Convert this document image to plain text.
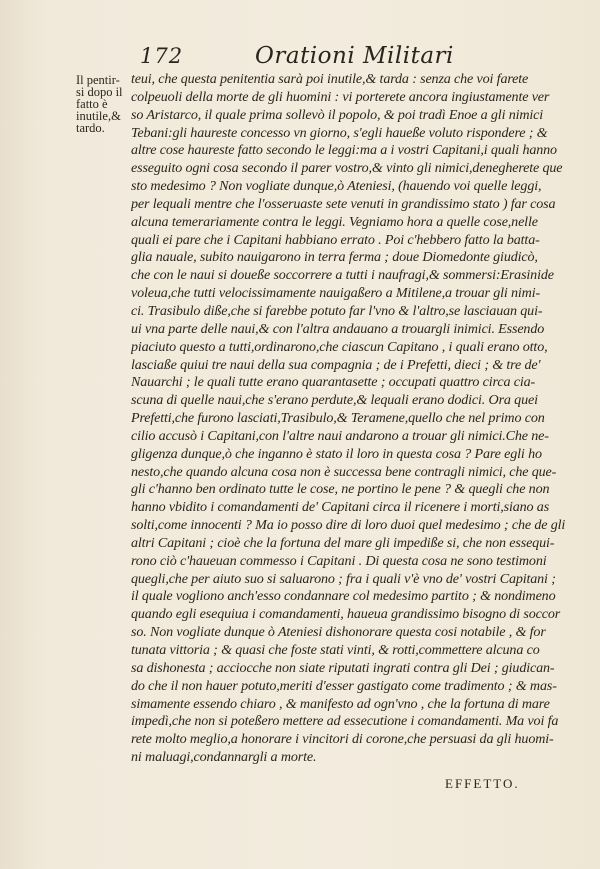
172	Orationi Militari
Il pentir-
si dopo il
fatto è
inutile,&
tardo.
teui, che questa penitentia sarà poi inutile,& tarda : senza che voi farete
colpeuoli della morte de gli huomini : vi porterete ancora ingiustamente ver
so Aristarco, il quale prima sollevò il popolo, & poi tradì Enoe a gli nimici
Tebani:gli haureste concesso vn giorno, s'egli haueße voluto rispondere ; &
altre cose haureste fatto secondo le leggi:ma a i vostri Capitani,i quali hanno
esseguito ogni cosa secondo il parer vostro,& vinto gli nimici,denegherete que
sto medesimo ? Non vogliate dunque,ò Ateniesi, (hauendo voi quelle leggi,
per lequali mentre che l'osseruaste sete venuti in grandissimo stato ) far cosa
alcuna temerariamente contra le leggi. Vegniamo hora a quelle cose,nelle
quali ei pare che i Capitani habbiano errato . Poi c'hebbero fatto la batta-
glia nauale, subito nauigarono in terra ferma ; doue Diomedonte giudicò,
che con le naui si doueße soccorrere a tutti i naufragi,& sommersi:Erasinide
voleua,che tutti velocissimamente nauigaßero a Mitilene,a trouar gli nimi-
ci. Trasibulo diße,che si farebbe potuto far l'vno & l'altro,se lasciauan qui-
ui vna parte delle naui,& con l'altra andauano a trouargli inimici. Essendo
piaciuto questo a tutti,ordinarono,che ciascun Capitano , i quali erano otto,
lasciaße quiui tre naui della sua compagnia ; de i Prefetti, dieci ; & tre de'
Nauarchi ; le quali tutte erano quarantasette ; occupati quattro circa cia-
scuna di quelle naui,che s'erano perdute,& lequali erano dodici. Ora quei
Prefetti,che furono lasciati,Trasibulo,& Teramene,quello che nel primo con
cilio accusò i Capitani,con l'altre naui andarono a trouar gli nimici.Che ne-
gligenza dunque,ò che inganno è stato il loro in questa cosa ? Pare egli ho
nesto,che quando alcuna cosa non è successa bene contragli nimici, che que-
gli c'hanno ben ordinato tutte le cose, ne portino le pene ? & quegli che non
hanno vbidito i comandamenti de' Capitani circa il ricenere i morti,siano as
solti,come innocenti ? Ma io posso dire di loro duoi quel medesimo ; che de gli
altri Capitani ; cioè che la fortuna del mare gli impediße si, che non essequi-
rono ciò c'haueuan commesso i Capitani . Di questa cosa ne sono testimoni
quegli,che per aiuto suo si saluarono ; fra i quali v'è vno de' vostri Capitani ;
il quale vogliono anch'esso condannare col medesimo partito ; & nondimeno
quando egli esequiua i comandamenti, haueua grandissimo bisogno di soccor
so. Non vogliate dunque ò Ateniesi dishonorare questa cosi notabile , & for
tunata vittoria ; & quasi che foste stati vinti, & rotti,commettere alcuna co
sa dishonesta ; acciocche non siate riputati ingrati contra gli Dei ; giudican-
do che il non hauer potuto,meriti d'esser gastigato come tradimento ; & mas-
simamente essendo chiaro , & manifesto ad ogn'vno , che la fortuna di mare
impedì,che non si poteßero mettere ad essecutione i comandamenti. Ma voi fa
rete molto meglio,a honorare i vincitori di corone,che persuasi da gli huomi-
ni maluagi,condannargli a morte.
EFFETTO.
